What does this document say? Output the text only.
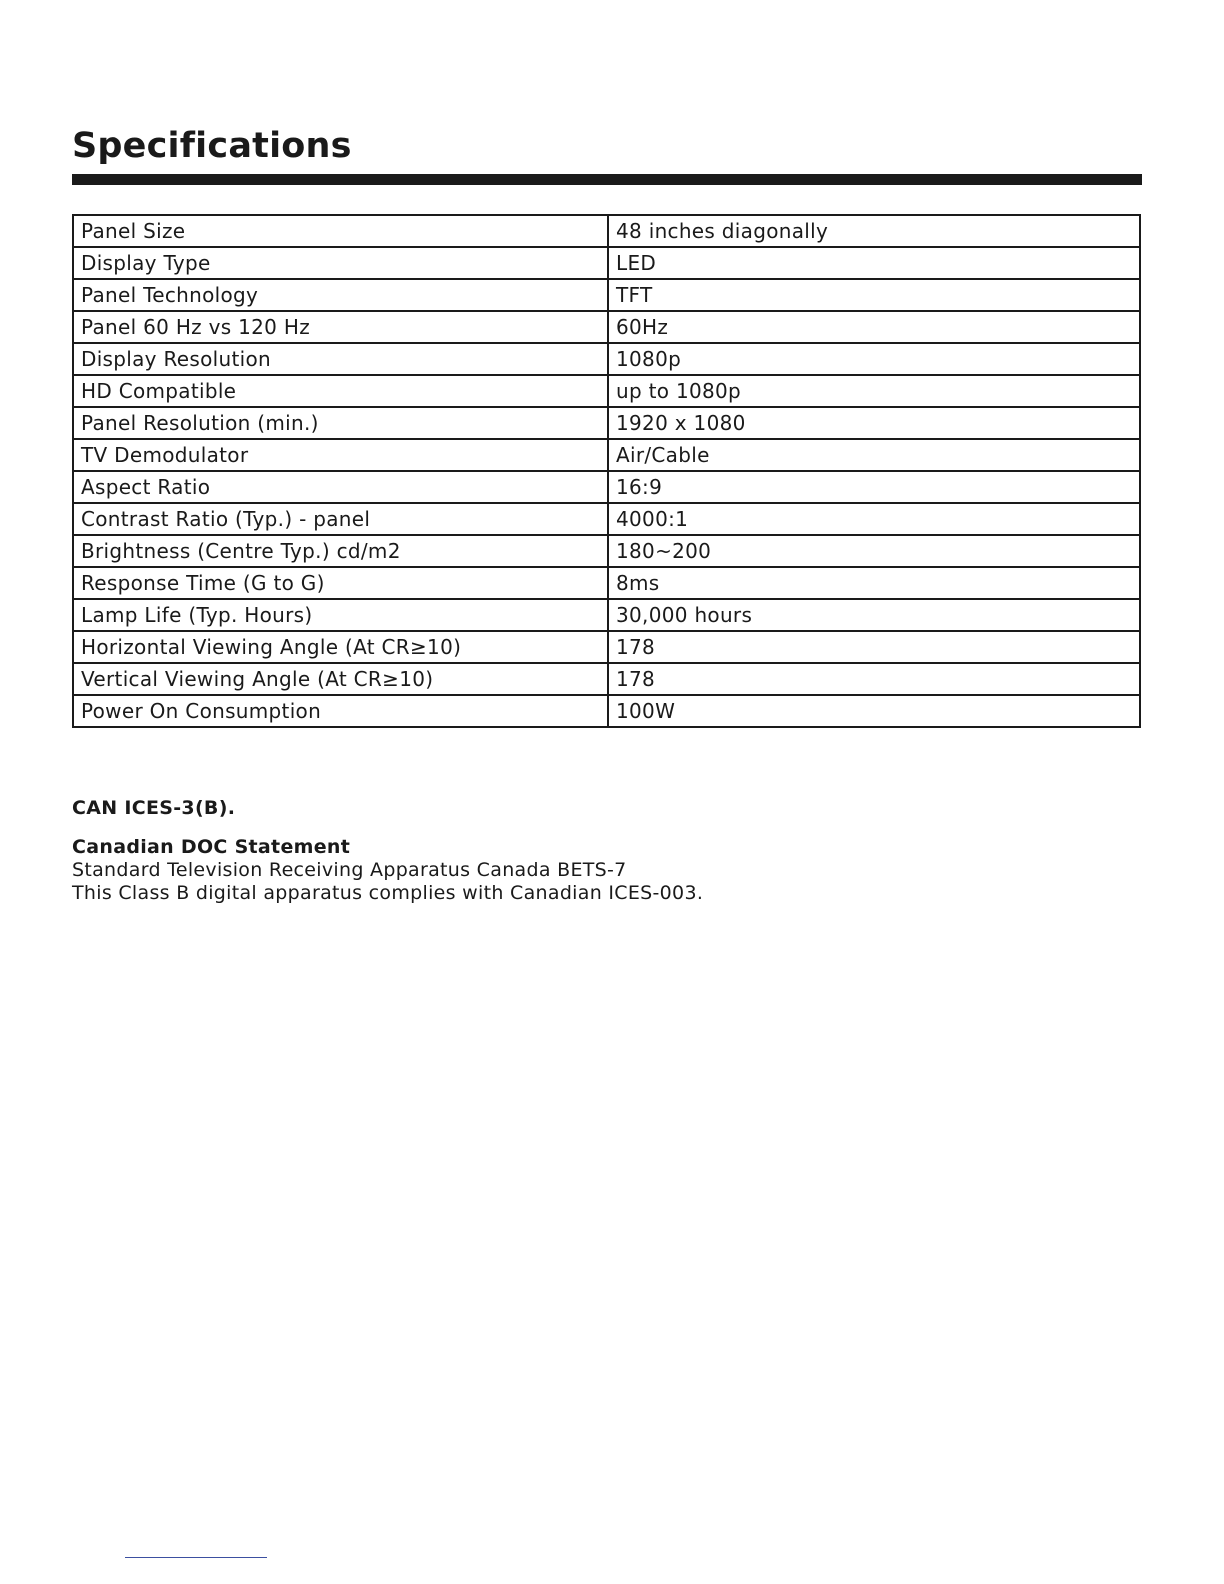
Specifications
Panel Size	48 inches diagonally
Display Type	LED
Panel Technology	TFT
Panel 60 Hz vs 120 Hz	60Hz
Display Resolution	1080p
HD Compatible	up to 1080p
Panel Resolution (min.)	1920 x 1080
TV Demodulator	Air/Cable
Aspect Ratio	16:9
Contrast Ratio (Typ.) - panel	4000:1
Brightness (Centre Typ.) cd/m2	180~200
Response Time (G to G)	8ms
Lamp Life (Typ. Hours)	30,000 hours
Horizontal Viewing Angle (At CR≥10)	178
Vertical Viewing Angle (At CR≥10)	178
Power On Consumption	100W

CAN ICES-3(B).

Canadian DOC Statement

Standard Television Receiving Apparatus Canada BETS-7

This Class B digital apparatus complies with Canadian ICES-003.
